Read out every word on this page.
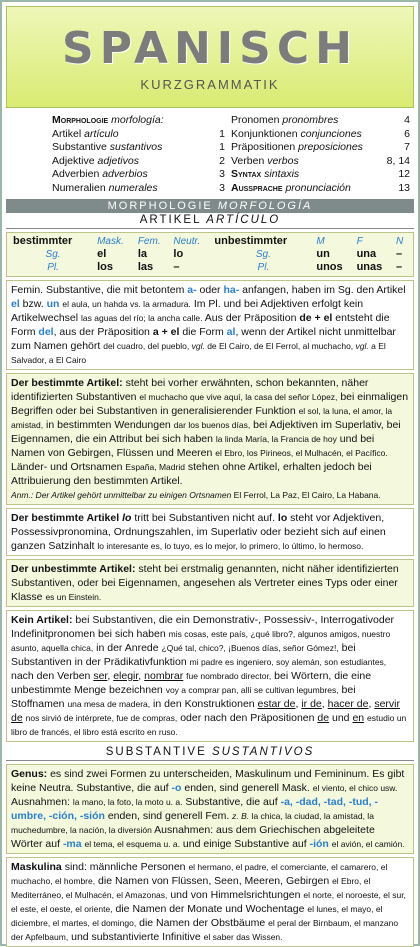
SPANISCH
KURZGRAMMATIK
Morphologie morfología:
Artikel artículo	1
Substantive sustantivos	1
Adjektive adjetivos	2
Adverbien adverbios	3
Numeralien numerales	3
Pronomen pronombres	4
Konjunktionen conjunciones	6
Präpositionen preposiciones	7
Verben verbos	8, 14
Syntax sintaxis	12
Aussprache pronunciación	13
MORPHOLOGIE MORFOLOGÍA
ARTIKEL ARTÍCULO
bestimmter	Mask.	Fem.	Neutr.	unbestimmter	M	F	N
Sg.	el	la	lo	Sg.	un	una	–
Pl.	los	las	–	Pl.	unos	unas	–
Femin. Substantive, die mit betontem a- oder ha- anfangen, haben im Sg. den Artikel el bzw. un el aula, un hahda vs. la armadura. Im Pl. und bei Adjektiven erfolgt kein Artikelwechsel las aguas del río; la ancha calle. Aus der Präposition de + el entsteht die Form del, aus der Präposition a + el die Form al, wenn der Artikel nicht unmittelbar zum Namen gehört del cuadro, del pueblo, vgl. de El Cairo, de El Ferrol, al muchacho, vgl. a El Salvador, a El Cairo
Der bestimmte Artikel: steht bei vorher erwähnten, schon bekannten, näher identifizierten Substantiven el muchacho que vive aquí, la casa del señor López, bei einmaligen Begriffen oder bei Substantiven in generalisierender Funktion el sol, la luna, el amor, la amistad, in bestimmten Wendungen dar los buenos días, bei Adjektiven im Superlativ, bei Eigennamen, die ein Attribut bei sich haben la linda María, la Francia de hoy und bei Namen von Gebirgen, Flüssen und Meeren el Ebro, los Pirineos, el Mulhacén, el Pacífico. Länder- und Ortsnamen España, Madrid stehen ohne Artikel, erhalten jedoch bei Attribuierung den bestimmten Artikel.
Anm.: Der Artikel gehört unmittelbar zu einigen Ortsnamen El Ferrol, La Paz, El Cairo, La Habana.
Der bestimmte Artikel lo tritt bei Substantiven nicht auf. lo steht vor Adjektiven, Possessivpronomina, Ordnungszahlen, im Superlativ oder bezieht sich auf einen ganzen Satzinhalt lo interesante es, lo tuyo, es lo mejor, lo primero, lo último, lo hermoso.
Der unbestimmte Artikel: steht bei erstmalig genannten, nicht näher identifizierten Substantiven, oder bei Eigennamen, angesehen als Vertreter eines Typs oder einer Klasse es un Einstein.
Kein Artikel: bei Substantiven, die ein Demonstrativ-, Possessiv-, Interrogativoder Indefinitpronomen bei sich haben mis cosas, este país, ¿qué libro?, algunos amigos, nuestro asunto, aquella chica, in der Anrede ¿Qué tal, chico?, ¡Buenos días, señor Gómez!, bei Substantiven in der Prädikativfunktion mi padre es ingeniero, soy alemán, son estudiantes, nach den Verben ser, elegir, nombrar fue nombrado director, bei Wörtern, die eine unbestimmte Menge bezeichnen voy a comprar pan, allí se cultivan legumbres, bei Stoffnamen una mesa de madera, in den Konstruktionen estar de, ir de, hacer de, servir de nos sirvió de intérprete, fue de compras, oder nach den Präpositionen de und en estudio un libro de francés, el libro está escrito en ruso.
SUBSTANTIVE SUSTANTIVOS
Genus: es sind zwei Formen zu unterscheiden, Maskulinum und Femininum. Es gibt keine Neutra. Substantive, die auf -o enden, sind generell Mask. el viento, el chico usw. Ausnahmen: la mano, la foto, la moto u. a. Substantive, die auf -a, -dad, -tad, -tud, -umbre, -ción, -sión enden, sind generell Fem. z. B. la chica, la ciudad, la amistad, la muchedumbre, la nación, la diversión Ausnahmen: aus dem Griechischen abgeleitete Wörter auf -ma el tema, el esquema u. a. und einige Substantive auf -ión el avión, el camión.
Maskulina sind: männliche Personen el hermano, el padre, el comerciante, el camarero, el muchacho, el hombre, die Namen von Flüssen, Seen, Meeren, Gebirgen el Ebro, el Mediterráneo, el Mulhacén, el Amazonas, und von Himmelsrichtungen el norte, el noroeste, el sur, el este, el oeste, el oriente, die Namen der Monate und Wochentage el lunes, el mayo, el diciembre, el martes, el domingo, die Namen der Obstbäume el peral der Birnbaum, el manzano der Apfelbaum, und substantivierte Infinitive el saber das Wissen.
